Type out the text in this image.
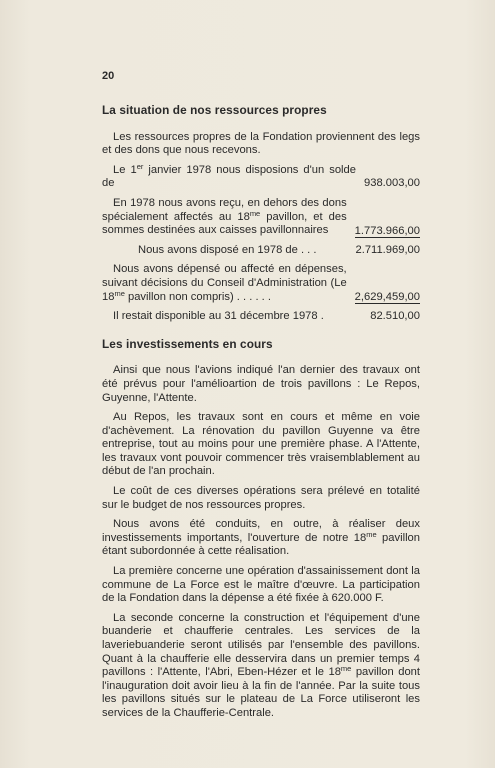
20
La situation de nos ressources propres

Les ressources propres de la Fondation proviennent des legs et des dons que nous recevons.

Le 1er janvier 1978 nous disposions d'un solde de	938.003,00
En 1978 nous avons reçu, en dehors des dons spécialement affectés au $18^{me}$ pavillon, et des sommes destinées aux caisses pavillonnaires	1.773.966,00
Nous avons disposé en 1978 de . . .	2.711.969,00
Nous avons dépensé ou affecté en dépenses, suivant décisions du Conseil d'Administration (Le $18^{me}$ pavillon non compris) . . . . . .	2,629,459,00
Il restait disponible au 31 décembre 1978 .	82.510,00
Les investissements en cours

Ainsi que nous l'avions indiqué l'an dernier des travaux ont été prévus pour l'amélioartion de trois pavillons : Le Repos, Guyenne, l'Attente.

Au Repos, les travaux sont en cours et même en voie d'achèvement. La rénovation du pavillon Guyenne va être entreprise, tout au moins pour une première phase. A l'Attente, les travaux vont pouvoir commencer très vraisemblablement au début de l'an prochain.

Le coût de ces diverses opérations sera prélevé en totalité sur le budget de nos ressources propres.

Nous avons été conduits, en outre, à réaliser deux investissements importants, l'ouverture de notre $18^{me}$ pavillon étant subordonnée à cette réalisation.

La première concerne une opération d'assainissement dont la commune de La Force est le maître d'œuvre. La participation de la Fondation dans la dépense a été fixée à 620.000 F.

La seconde concerne la construction et l'équipement d'une buanderie et chaufferie centrales. Les services de la laveriebuanderie seront utilisés par l'ensemble des pavillons. Quant à la chaufferie elle desservira dans un premier temps 4 pavillons : l'Attente, l'Abri, Eben-Hézer et le $18^{me}$ pavillon dont l'inauguration doit avoir lieu à la fin de l'année. Par la suite tous les pavillons situés sur le plateau de La Force utiliseront les services de la Chaufferie-Centrale.
